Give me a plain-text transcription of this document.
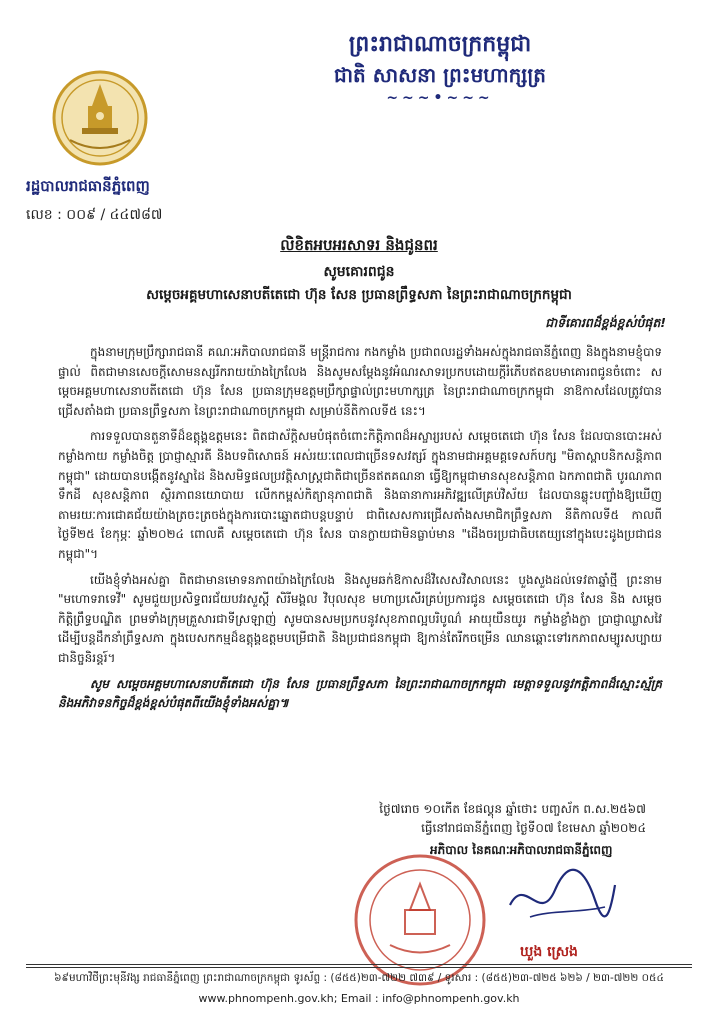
ព្រះរាជាណាចក្រកម្ពុជា
ជាតិ សាសនា ព្រះមហាក្សត្រ
~~~•~~~
រដ្ឋបាលរាជធានីភ្នំពេញ
លេខ : ០០៩ / ៤៤៧៨៧
លិខិតអបអរសាទរ និងជូនពរ
សូមគោរពជូន
សម្តេចអគ្គមហាសេនាបតីតេជោ ហ៊ុន សែន ប្រធានព្រឹទ្ធសភា នៃព្រះរាជាណាចក្រកម្ពុជា
ជាទីគោរពដ៏ខ្ពង់ខ្ពស់បំផុត!

ក្នុងនាមក្រុមប្រឹក្សារាជធានី គណៈអភិបាលរាជធានី មន្ត្រីរាជការ កងកម្លាំង ប្រជាពលរដ្ឋទាំងអស់ក្នុងរាជធានីភ្នំពេញ និងក្នុងនាមខ្ញុំបាទផ្ទាល់ ពិតជាមានសេចក្តីសោមនស្សរីករាយយ៉ាងក្រៃលែង និងសូមសម្តែងនូវអំណរសាទរប្រកបដោយក្តីរំភើបឥតឧបមាគោរពជូនចំពោះ សម្តេចអគ្គមហាសេនាបតីតេជោ ហ៊ុន សែន ប្រធានក្រុមឧត្តមប្រឹក្សាផ្ទាល់ព្រះមហាក្សត្រ នៃព្រះរាជាណាចក្រកម្ពុជា នាឱកាសដែលត្រូវបានជ្រើសតាំងជា ប្រធានព្រឹទ្ធសភា នៃព្រះរាជាណាចក្រកម្ពុជា សម្រាប់នីតិកាលទី៥ នេះ។

ការទទួលបានតួនាទីដ៏ឧត្តុង្គឧត្តមនេះ ពិតជាស័ក្តិសមបំផុតចំពោះកិត្តិភាពដ៏អស្ចារ្យរបស់ សម្តេចតេជោ ហ៊ុន សែន ដែលបានបោះអស់កម្លាំងកាយ កម្លាំងចិត្ត ប្រាជ្ញាស្មារតី និងបទពិសោធន៍ អស់រយៈពេលជាច្រើនទសវត្សរ៍ ក្នុងនាមជាអគ្គមគ្គទេសក៍បក្ស "មិតាស្ពាបនិកសន្តិភាពកម្ពុជា" ដោយបានបង្កើតនូវស្នាដៃ និងសមិទ្ធផលប្រវត្តិសាស្ត្រជាតិជាច្រើនឥតគណនា ធ្វើឱ្យកម្ពុជាមានសុខសន្តិភាព ឯកភាពជាតិ បូរណភាពទឹកដី សុខសន្តិភាព ស្ថិរភាពនយោបាយ លើកកម្ពស់កិត្យានុភាពជាតិ និងធានាការអភិវឌ្ឍលើគ្រប់វិស័យ ដែលបានឆ្លុះបញ្ចាំងឱ្យឃើញតាមរយៈការជោគជ័យយ៉ាងត្រចះត្រចង់ក្នុងការបោះឆ្នោតជាបន្តបន្ទាប់ ជាពិសេសការជ្រើសតាំងសមាជិកព្រឹទ្ធសភា នីតិកាលទី៥ កាលពីថ្ងៃទី២៥ ខែកុម្ភៈ ឆ្នាំ២០២៤ ពោលគឺ សម្តេចតេជោ ហ៊ុន សែន បានក្លាយជាមិនធ្លាប់មាន "ដើងចរប្រជាធិបតេយ្យនៅក្នុងបេះដូងប្រជាជនកម្ពុជា"។

យើងខ្ញុំទាំងអស់គ្នា ពិតជាមានមោទនភាពយ៉ាងក្រៃលែង និងសូមឆក់ឱកាសដ៏វិសេសវិសាលនេះ បួងសួងដល់ទេវតាឆ្នាំថ្មី ព្រះនាម "មហោទរាទេវី" សូមជួយប្រសិទ្ធពរជ័យបវរសួស្តី សិរីមង្គល វិបុលសុខ មហាប្រសើរគ្រប់ប្រការជូន សម្តេចតេជោ ហ៊ុន សែន និង សម្តេចកិត្តិព្រឹទ្ធបណ្ឌិត ព្រមទាំងក្រុមគ្រួសារជាទីស្រឡាញ់ សូមបានសមប្រកបនូវសុខភាពល្អបរិបូណ៌ អាយុយឺនយូរ កម្លាំងខ្លាំងក្លា ប្រាជ្ញាឈ្លាសវៃ ដើម្បីបន្តដឹកនាំព្រឹទ្ធសភា ក្នុងបេសកកម្មដ៏ឧត្តុង្គឧត្តមបម្រើជាតិ និងប្រជាជនកម្ពុជា ឱ្យកាន់តែរីកចម្រើន ឈានឆ្ពោះទៅរកភាពសម្បូរសប្បាយជានិច្ចនិរន្តរ៍។

សូម សម្តេចអគ្គមហាសេនាបតីតេជោ ហ៊ុន សែន ប្រធានព្រឹទ្ធសភា នៃព្រះរាជាណាចក្រកម្ពុជា មេត្តាទទួលនូវកត្តិភាពដ៏ស្មោះស្ម័គ្រ និងអភិវាទនកិច្ចដ៏ខ្ពង់ខ្ពស់បំផុតពីយើងខ្ញុំទាំងអស់គ្នា៕

ថ្ងៃ៧រោច ១០កើត ខែផល្គុន ឆ្នាំថោះ បញ្ចស័ក ព.ស.២៥៦៧
ធ្វើនៅរាជធានីភ្នំពេញ ថ្ងៃទី០៧ ខែមេសា ឆ្នាំ២០២៤
អភិបាល នៃគណៈអភិបាលរាជធានីភ្នំពេញ
ឃួង ស្រេង
៦៩មហាវិថីព្រះមុនីវង្ស រាជធានីភ្នំពេញ ព្រះរាជាណាចក្រកម្ពុជា ទូរស័ព្ទ : (៨៥៥)២៣-៧២២ ៧៣៩ / ទូរសារ : (៨៥៥)២៣-៧២៥ ៦២៦ / ២៣-៧២២ ០៥៤
www.phnompenh.gov.kh; Email : info@phnompenh.gov.kh
